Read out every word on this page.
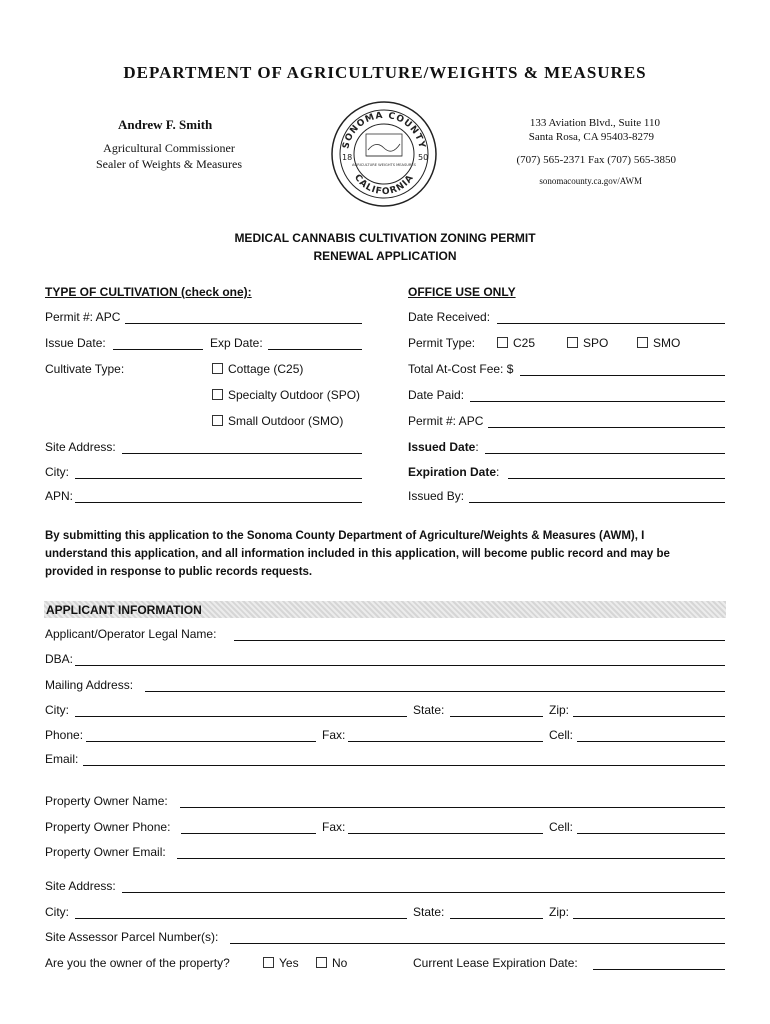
DEPARTMENT OF AGRICULTURE/WEIGHTS & MEASURES
Andrew F. Smith
Agricultural Commissioner
Sealer of Weights & Measures
SONOMA COUNTY
CALIFORNIA
18	50
AGRICULTURE WEIGHTS MEASURES
133 Aviation Blvd., Suite 110
Santa Rosa, CA 95403-8279
(707) 565-2371 Fax (707) 565-3850
sonomacounty.ca.gov/AWM
MEDICAL CANNABIS CULTIVATION ZONING PERMIT
RENEWAL APPLICATION
TYPE OF CULTIVATION (check one):
Permit #: APC
Issue Date:	Exp Date:
Cultivate Type:	Cottage (C25)
Specialty Outdoor (SPO)
Small Outdoor (SMO)
Site Address:
City:
APN:
OFFICE USE ONLY
Date Received:
Permit Type:	C25	SPO	SMO
Total At-Cost Fee: $
Date Paid:
Permit #: APC
Issued Date:
Expiration Date:
Issued By:
By submitting this application to the Sonoma County Department of Agriculture/Weights & Measures (AWM), I
understand this application, and all information included in this application, will become public record and may be
provided in response to public records requests.
APPLICANT INFORMATION
Applicant/Operator Legal Name:
DBA:
Mailing Address:
City:	State:	Zip:
Phone:	Fax:	Cell:
Email:
Property Owner Name:
Property Owner Phone:	Fax:	Cell:
Property Owner Email:
Site Address:
City:	State:	Zip:
Site Assessor Parcel Number(s):
Are you the owner of the property?	Yes	No	Current Lease Expiration Date:
